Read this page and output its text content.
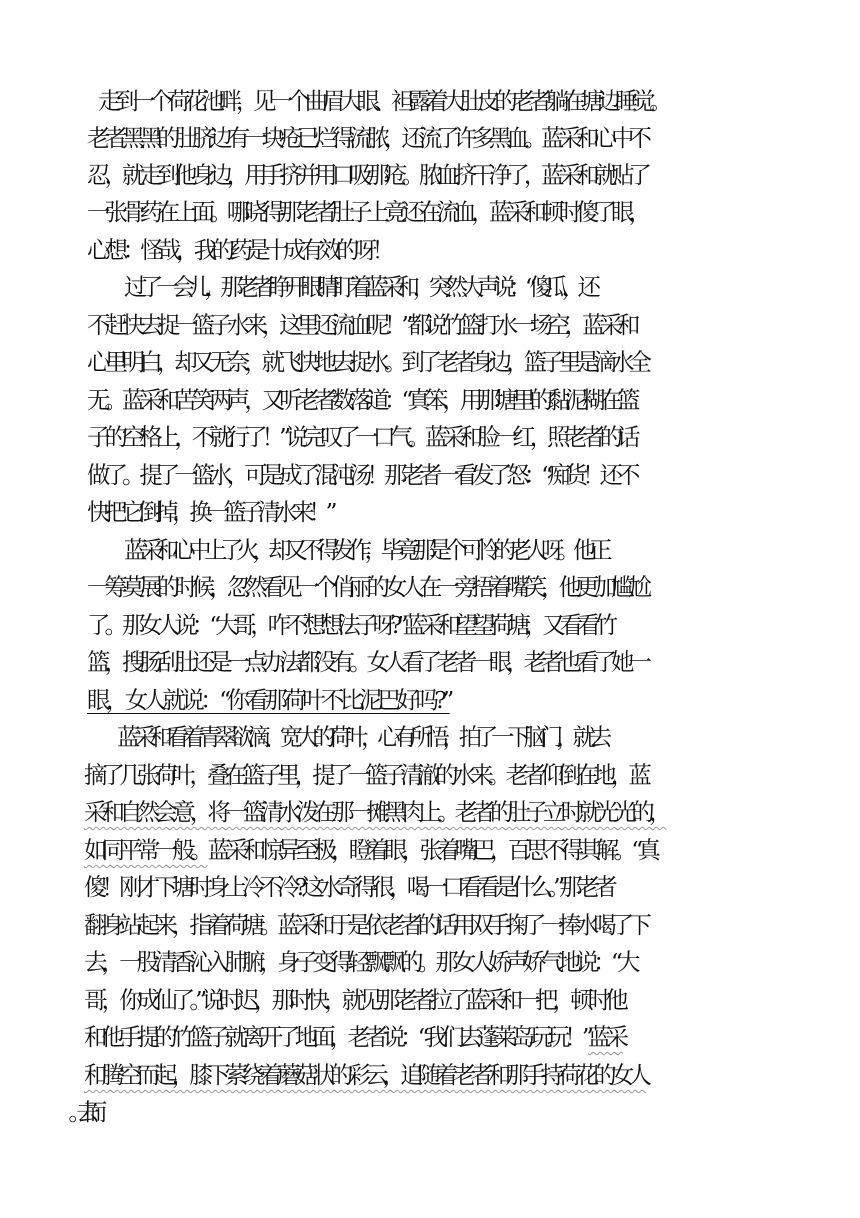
走到一个荷花池畔，见一个曲眉大眼、袒露着大肚皮的老者躺在塘边睡觉。
老者黑黑的肚脐边有一块疮已烂得流脓，还流了许多黑血。蓝采和心中不
忍，就走到他身边，用手挤并用口吸那疮。脓血挤干净了，蓝采和就贴了
一张骨药在上面。哪晓得那老者肚子上竟还在流血，蓝采和顿时傻了眼，
心想：怪哉，我的药是十成有效的呀！
过了一会儿，那老者睁开眼睛盯着蓝采和，突然大声说：“傻瓜，还
不赶快去捉一篮子水来，这里还流血呢！”都说竹篮打水一场空，蓝采和
心里明白，却又无奈，就飞快地去捉水。到了老者身边，篮子里是滴水全
无。蓝采和苦笑两声，又听老者数落道：“真笨，用那塘里的黏泥糊在篮
子的空格上，不就行了！”说完叹了一口气。蓝采和脸一红，照老者的话
做了。提了一篮水，可是成了混沌汤！那老者一看发了怒：“痴货！还不
快把它倒掉，换一篮子清水来！”
蓝采和心中上了火，却又不得发作，毕竟那是个可怜的老人呀。他正
一筹莫展的时候，忽然看见一个俏丽的女人在一旁捂着嘴笑，他更加尴尬
了。那女人说：“大哥，咋不想想法子呀?”蓝采和望望荷塘，又看看竹
篮，搜肠刮肚还是一点办法都没有。女人看了老者一眼，老者也看了她一
眼，女人就说：“你看那荷叶不比泥巴好吗?”
蓝采和看着青翠欲滴、宽大的荷叶，心有所悟，拍了一下脑门，就去
摘了几张荷叶，叠在篮子里，提了一篮子清澈的水来。老者仰倒在地，蓝
采和自然会意，将一篮清水泼在那一摊黑肉上。老者的肚子立时就光光的，
如同平常一般。蓝采和惊异至极，瞪着眼，张着嘴巴，百思不得其解。“真
傻！刚才下塘时身上冷不冷?这水奇得很，喝一口看看是什么。”那老者
翻身站起来，指着荷塘。蓝采和于是依老者的话用双手掬了一捧水喝了下
去，一股清香沁入肺腑，身子变得轻飘飘的。那女人娇声娇气地说：“大
哥，你成仙了。”说时迟，那时快，就见那老者拉了蓝采和一把，顿时他
和他手提的竹篮子就离开了地面，老者说：“我们去蓬莱岛玩玩！”蓝采
和腾空而起，膝下萦绕着蘑菇状的彩云，追随着老者和那手持荷花的女人
